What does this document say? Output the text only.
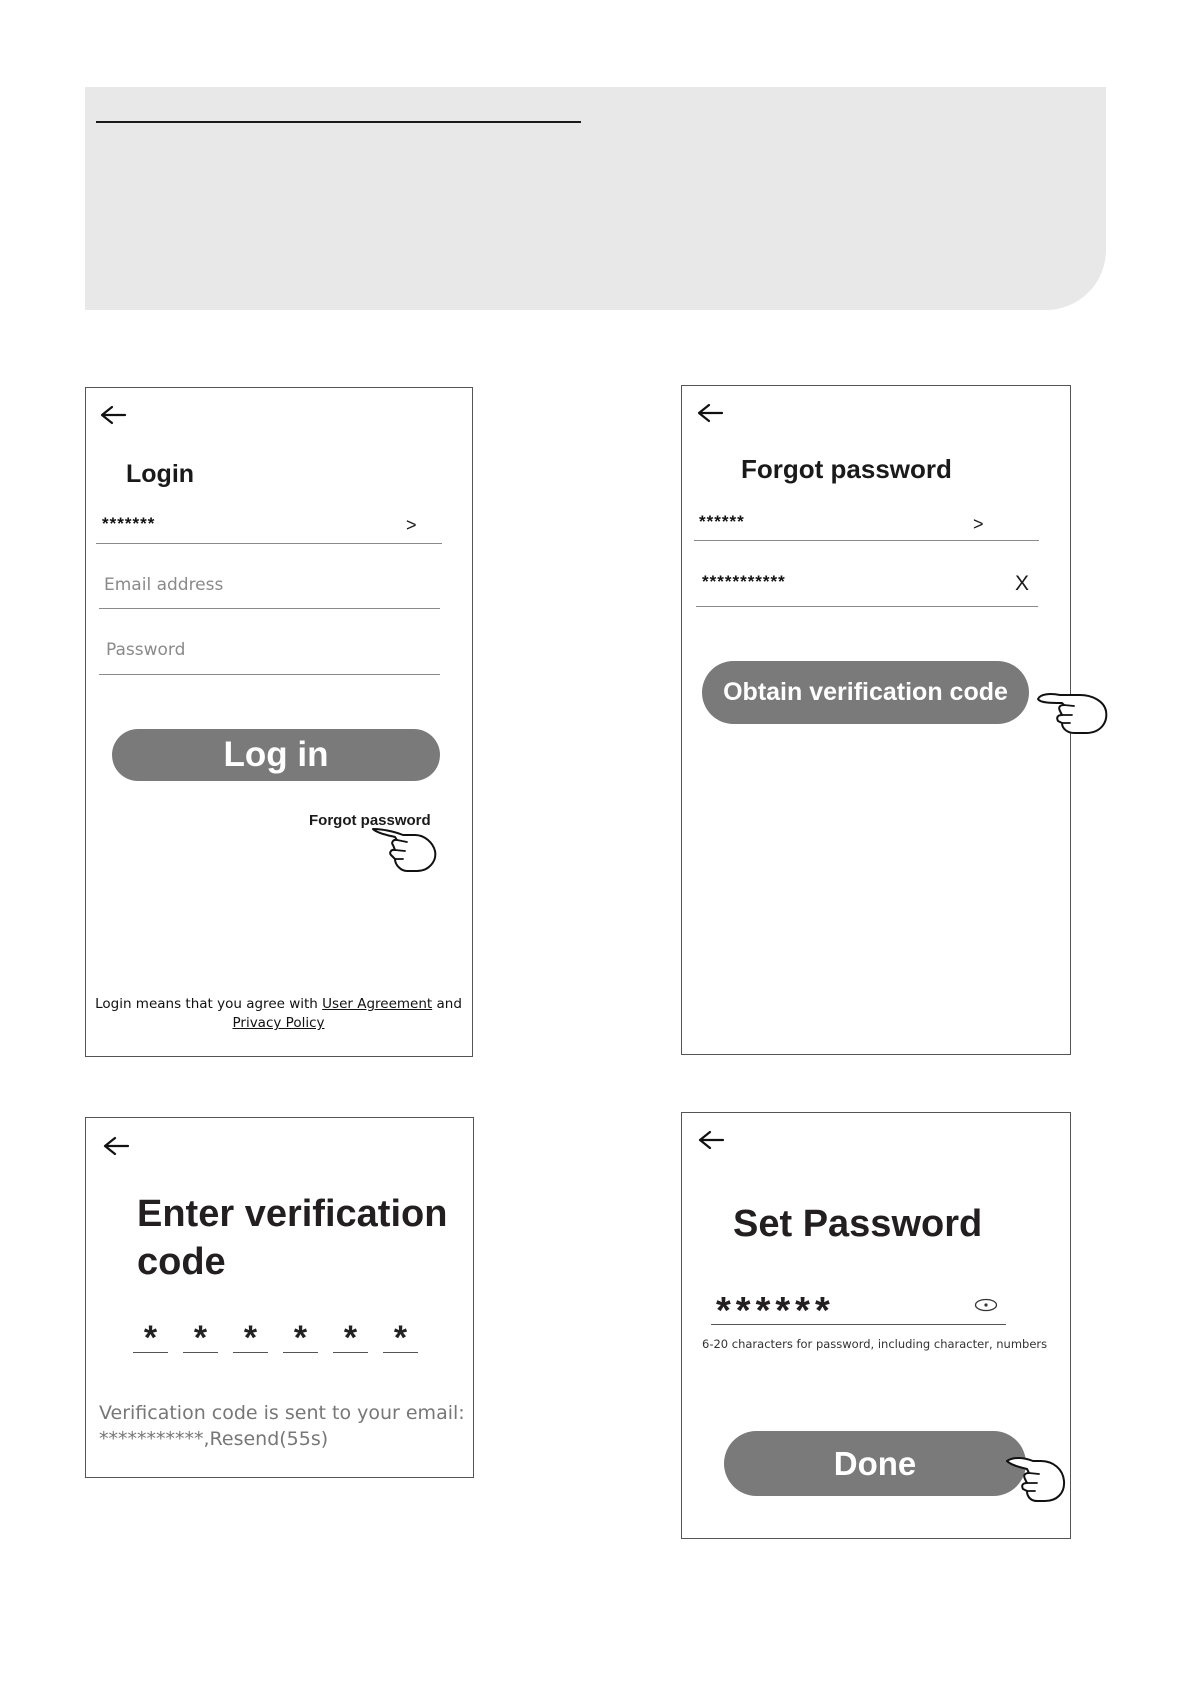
Login
*******	>
Email address
Password
Log in
Forgot password
Login means that you agree with User Agreement and
Privacy Policy
Forgot password
******	>
***********	X
Obtain verification code
Enter verification
code
*	*	*	*	*	*
Verification code is sent to your email:
***********,Resend(55s)
Set Password
******
6-20 characters for password, including character, numbers
Done
